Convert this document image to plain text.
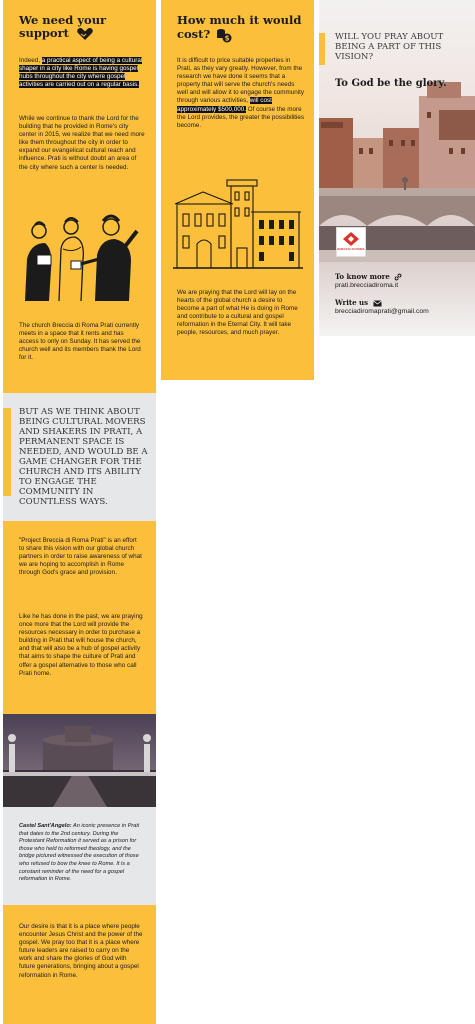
We need your support
Indeed, a practical aspect of being a cultural shaper in a city like Rome is having gospel hubs throughout the city where gospel activities are carried out on a regular basis.
While we continue to thank the Lord for the building that he provided in Rome's city center in 2015, we realize that we need more like them throughout the city in order to expand our evangelical cultural reach and influence. Prati is without doubt an area of the city where such a center is needed.
The church Breccia di Roma Prati currently meets in a space that it rents and has access to only on Sunday. It has served the church well and its members thank the Lord for it.
BUT AS WE THINK ABOUT BEING CULTURAL MOVERS AND SHAKERS IN PRATI, A PERMANENT SPACE IS NEEDED, AND WOULD BE A GAME CHANGER FOR THE CHURCH AND ITS ABILITY TO ENGAGE THE COMMUNITY IN COUNTLESS WAYS.
"Project Breccia di Roma Prati" is an effort to share this vision with our global church partners in order to raise awareness of what we are hoping to accomplish in Rome through God's grace and provision.
Like he has done in the past, we are praying once more that the Lord will provide the resources necessary in order to purchase a building in Prati that will house the church, and that will also be a hub of gospel activity that aims to shape the culture of Prati and offer a gospel alternative to those who call Prati home.
Castel Sant'Angelo: An iconic presence in Prati that dates to the 2nd century. During the Protestant Reformation it served as a prison for those who held to reformed theology, and the bridge pictured witnessed the execution of those who refused to bow the knee to Rome. It is a constant reminder of the need for a gospel reformation in Rome.
Our desire is that it is a place where people encounter Jesus Christ and the power of the gospel. We pray too that it is a place where future leaders are raised to carry on the work and share the glories of God with future generations, bringing about a gospel reformation in Rome.
How much it would cost? $
It is difficult to price suitable properties in Prati, as they vary greatly. However, from the research we have done it seems that a property that will serve the church's needs well and will allow it to engage the community through various activities, will cost approximately $500,000. Of course the more the Lord provides, the greater the possibilities become.
We are praying that the Lord will lay on the hearts of the global church a desire to become a part of what He is doing in Rome and contribute to a cultural and gospel reformation in the Eternal City. It will take people, resources, and much prayer.
WILL YOU PRAY ABOUT BEING A PART OF THIS VISION?
To God be the glory.
BRECCIA DI ROMA
To know more
prati.brecciadiroma.it
Write us
brecciadiromaprati@gmail.com
